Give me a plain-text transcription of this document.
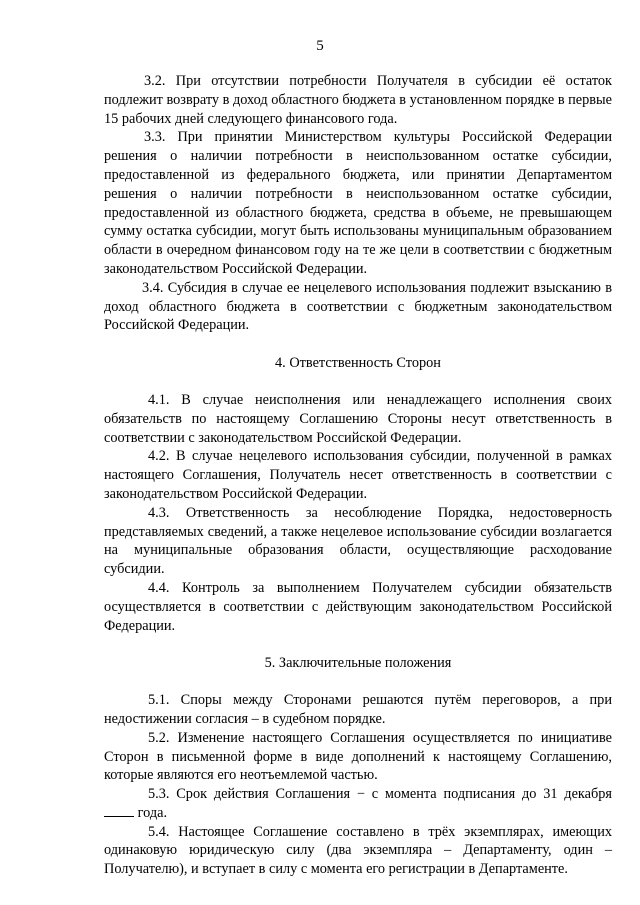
5

3.2. При отсутствии потребности Получателя в субсидии её остаток подлежит возврату в доход областного бюджета в установленном порядке в первые 15 рабочих дней следующего финансового года.

3.3. При принятии Министерством культуры Российской Федерации решения о наличии потребности в неиспользованном остатке субсидии, предоставленной из федерального бюджета, или принятии Департаментом решения о наличии потребности в неиспользованном остатке субсидии, предоставленной из областного бюджета, средства в объеме, не превышающем сумму остатка субсидии, могут быть использованы муниципальным образованием области в очередном финансовом году на те же цели в соответствии с бюджетным законодательством Российской Федерации.

3.4. Субсидия в случае ее нецелевого использования подлежит взысканию в доход областного бюджета в соответствии с бюджетным законодательством Российской Федерации.

4. Ответственность Сторон

4.1. В случае неисполнения или ненадлежащего исполнения своих обязательств по настоящему Соглашению Стороны несут ответственность в соответствии с законодательством Российской Федерации.

4.2. В случае нецелевого использования субсидии, полученной в рамках настоящего Соглашения, Получатель несет ответственность в соответствии с законодательством Российской Федерации.

4.3. Ответственность за несоблюдение Порядка, недостоверность представляемых сведений, а также нецелевое использование субсидии возлагается на муниципальные образования области, осуществляющие расходование субсидии.

4.4. Контроль за выполнением Получателем субсидии обязательств осуществляется в соответствии с действующим законодательством Российской Федерации.

5. Заключительные положения

5.1. Споры между Сторонами решаются путём переговоров, а при недостижении согласия – в судебном порядке.

5.2. Изменение настоящего Соглашения осуществляется по инициативе Сторон в письменной форме в виде дополнений к настоящему Соглашению, которые являются его неотъемлемой частью.

5.3. Срок действия Соглашения − с момента подписания до 31 декабря  года.

5.4. Настоящее Соглашение составлено в трёх экземплярах, имеющих одинаковую юридическую силу (два экземпляра – Департаменту, один – Получателю), и вступает в силу с момента его регистрации в Департаменте.
